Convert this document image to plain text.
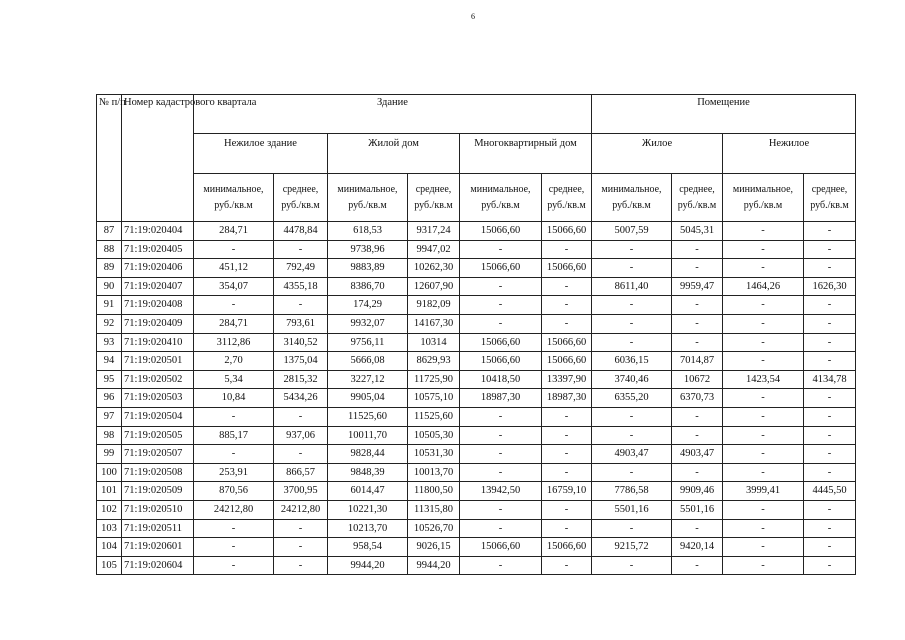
6
№ п/п	Номер кадастрового квартала	Здание						Помещение			
		Нежилое здание		Жилой дом		Многоквартирный дом		Жилое		Нежилое	
		минимальное, руб./кв.м	среднее, руб./кв.м	минимальное, руб./кв.м	среднее, руб./кв.м	минимальное, руб./кв.м	среднее, руб./кв.м	минимальное, руб./кв.м	среднее, руб./кв.м	минимальное, руб./кв.м	среднее, руб./кв.м
87	71:19:020404	284,71	4478,84	618,53	9317,24	15066,60	15066,60	5007,59	5045,31	-	-
88	71:19:020405	-	-	9738,96	9947,02	-	-	-	-	-	-
89	71:19:020406	451,12	792,49	9883,89	10262,30	15066,60	15066,60	-	-	-	-
90	71:19:020407	354,07	4355,18	8386,70	12607,90	-	-	8611,40	9959,47	1464,26	1626,30
91	71:19:020408	-	-	174,29	9182,09	-	-	-	-	-	-
92	71:19:020409	284,71	793,61	9932,07	14167,30	-	-	-	-	-	-
93	71:19:020410	3112,86	3140,52	9756,11	10314	15066,60	15066,60	-	-	-	-
94	71:19:020501	2,70	1375,04	5666,08	8629,93	15066,60	15066,60	6036,15	7014,87	-	-
95	71:19:020502	5,34	2815,32	3227,12	11725,90	10418,50	13397,90	3740,46	10672	1423,54	4134,78
96	71:19:020503	10,84	5434,26	9905,04	10575,10	18987,30	18987,30	6355,20	6370,73	-	-
97	71:19:020504	-	-	11525,60	11525,60	-	-	-	-	-	-
98	71:19:020505	885,17	937,06	10011,70	10505,30	-	-	-	-	-	-
99	71:19:020507	-	-	9828,44	10531,30	-	-	4903,47	4903,47	-	-
100	71:19:020508	253,91	866,57	9848,39	10013,70	-	-	-	-	-	-
101	71:19:020509	870,56	3700,95	6014,47	11800,50	13942,50	16759,10	7786,58	9909,46	3999,41	4445,50
102	71:19:020510	24212,80	24212,80	10221,30	11315,80	-	-	5501,16	5501,16	-	-
103	71:19:020511	-	-	10213,70	10526,70	-	-	-	-	-	-
104	71:19:020601	-	-	958,54	9026,15	15066,60	15066,60	9215,72	9420,14	-	-
105	71:19:020604	-	-	9944,20	9944,20	-	-	-	-	-	-
